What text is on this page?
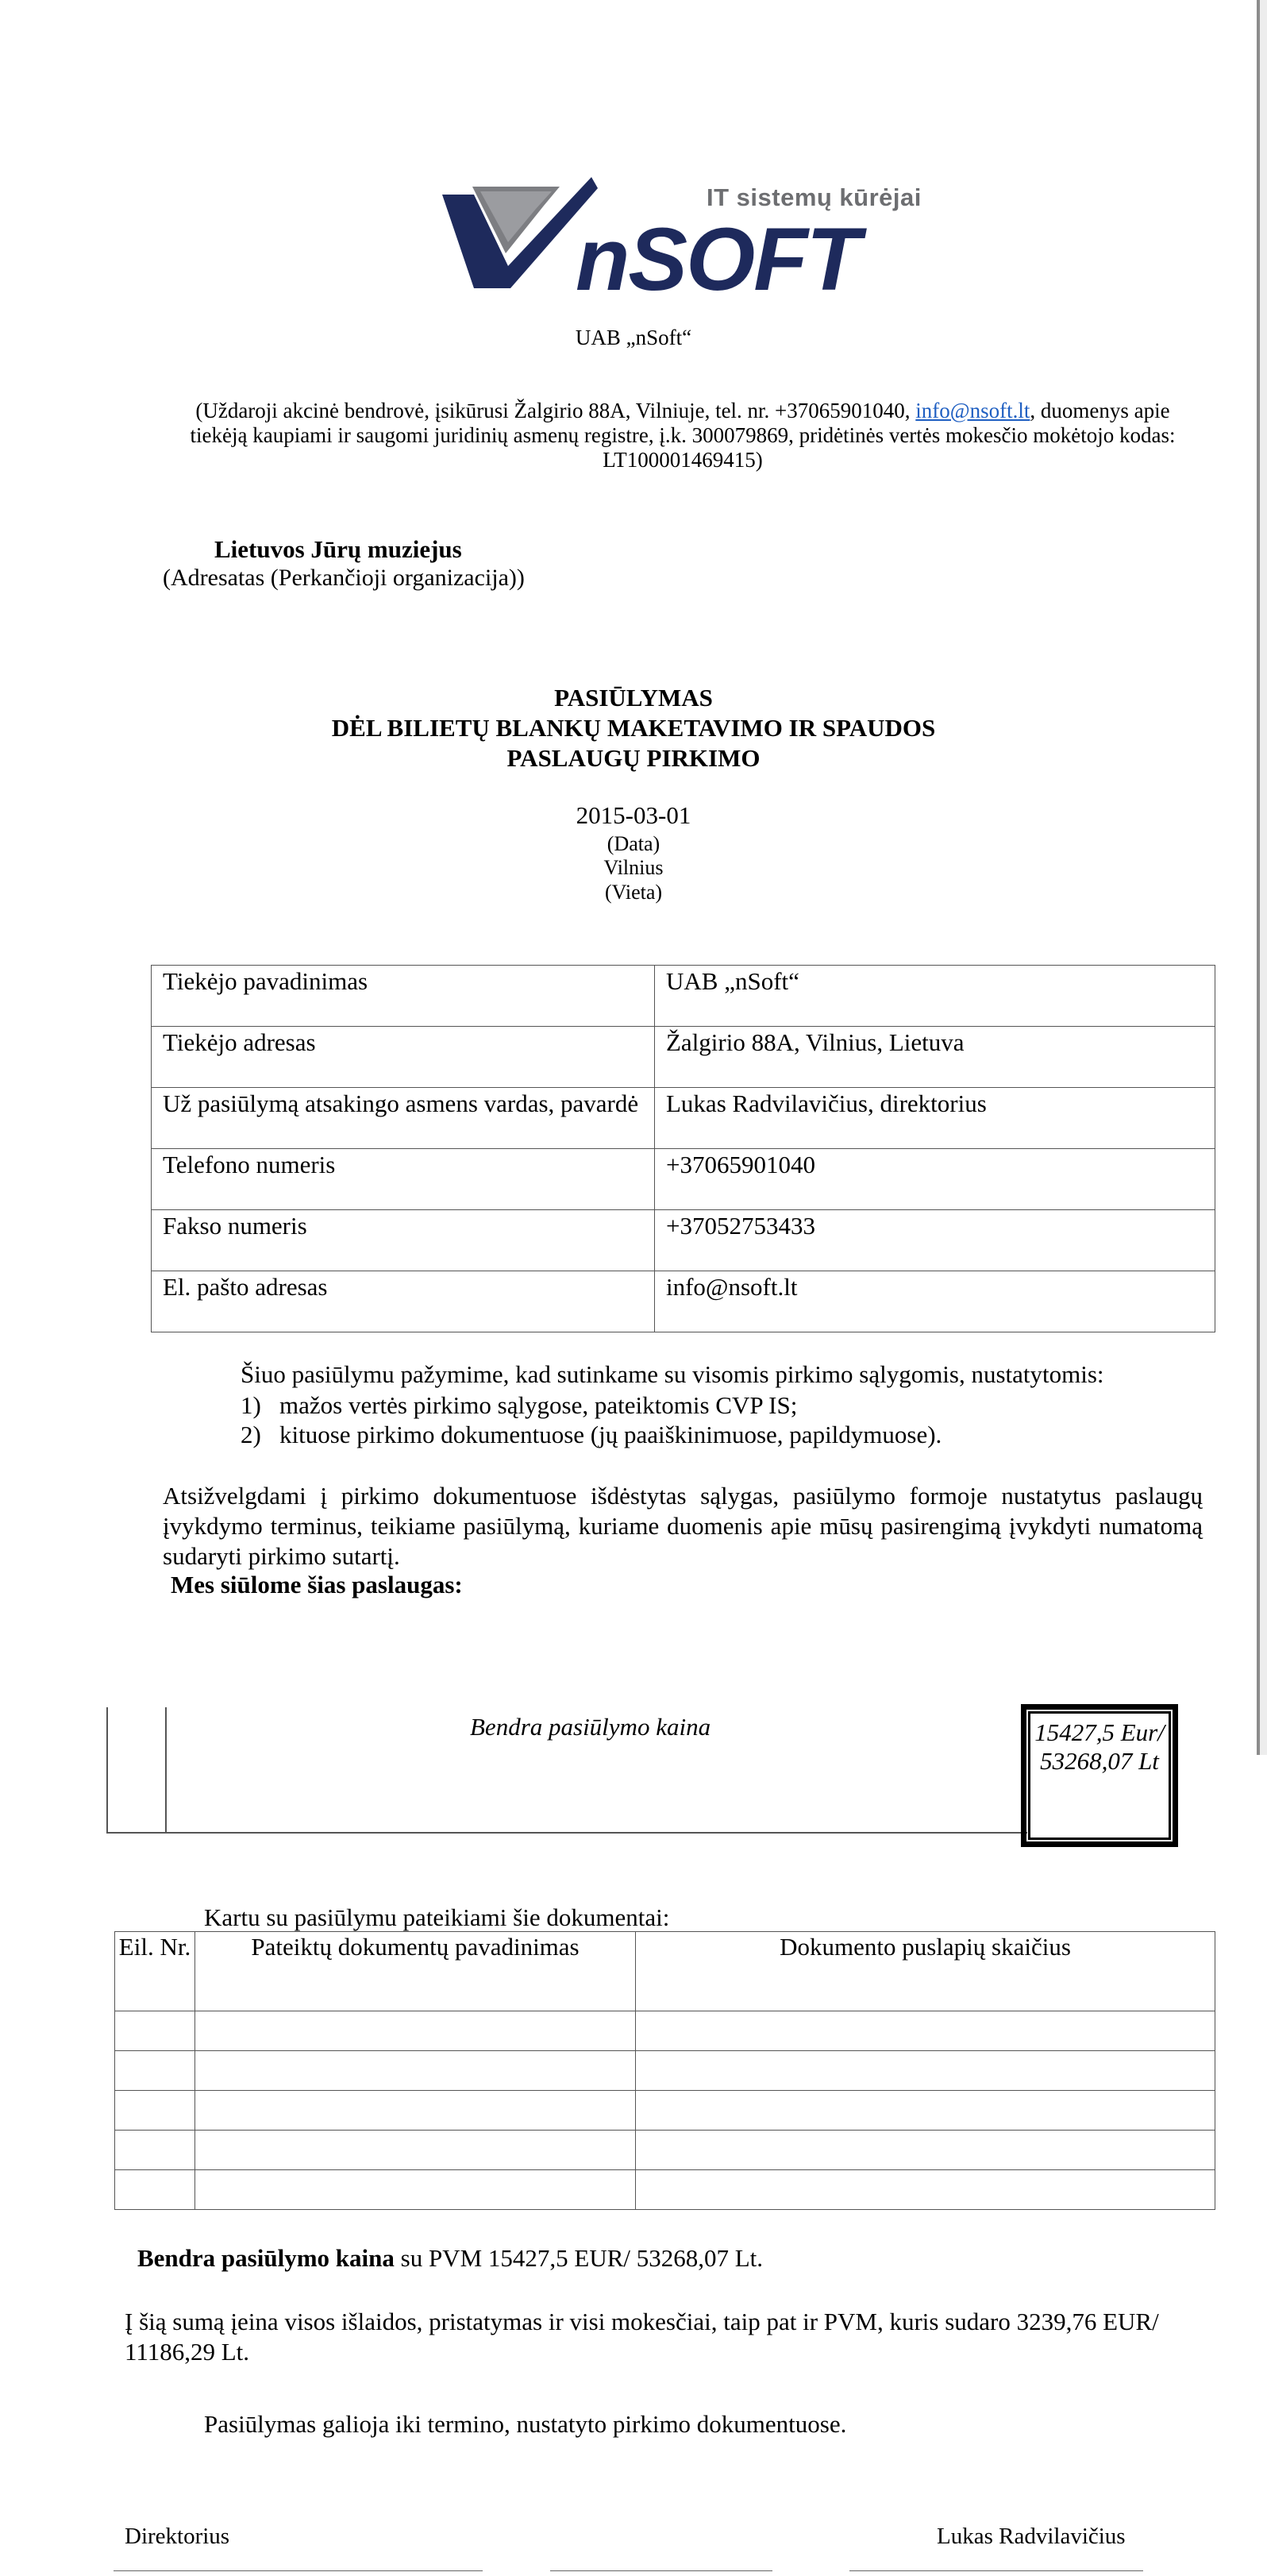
nSOFT
IT sistemų kūrėjai
UAB „nSoft“
(Uždaroji akcinė bendrovė, įsikūrusi Žalgirio 88A, Vilniuje, tel. nr. +37065901040, info@nsoft.lt, duomenys apie tiekėją kaupiami ir saugomi juridinių asmenų registre, į.k. 300079869, pridėtinės vertės mokesčio mokėtojo kodas: LT100001469415)
Lietuvos Jūrų muziejus
(Adresatas (Perkančioji organizacija))
PASIŪLYMAS
DĖL BILIETŲ BLANKŲ MAKETAVIMO IR SPAUDOS
PASLAUGŲ PIRKIMO
2015-03-01
(Data)
Vilnius
(Vieta)
Tiekėjo pavadinimas	UAB „nSoft“
Tiekėjo adresas	Žalgirio 88A, Vilnius, Lietuva
Už pasiūlymą atsakingo asmens vardas, pavardė	Lukas Radvilavičius, direktorius
Telefono numeris	+37065901040
Fakso numeris	+37052753433
El. pašto adresas	info@nsoft.lt
Šiuo pasiūlymu pažymime, kad sutinkame su visomis pirkimo sąlygomis, nustatytomis:
1) mažos vertės pirkimo sąlygose, pateiktomis CVP IS;
2) kituose pirkimo dokumentuose (jų paaiškinimuose, papildymuose).
Atsižvelgdami į pirkimo dokumentuose išdėstytas sąlygas, pasiūlymo formoje nustatytus paslaugų įvykdymo terminus, teikiame pasiūlymą, kuriame duomenis apie mūsų pasirengimą įvykdyti numatomą sudaryti pirkimo sutartį.
Mes siūlome šias paslaugas:
Bendra pasiūlymo kaina	15427,5 Eur/ 53268,07 Lt
Kartu su pasiūlymu pateikiami šie dokumentai:
Eil. Nr.	Pateiktų dokumentų pavadinimas	Dokumento puslapių skaičius

Bendra pasiūlymo kaina su PVM 15427,5 EUR/ 53268,07 Lt.
Į šią sumą įeina visos išlaidos, pristatymas ir visi mokesčiai, taip pat ir PVM, kuris sudaro 3239,76 EUR/ 11186,29 Lt.
Pasiūlymas galioja iki termino, nustatyto pirkimo dokumentuose.
Direktorius	Lukas Radvilavičius
